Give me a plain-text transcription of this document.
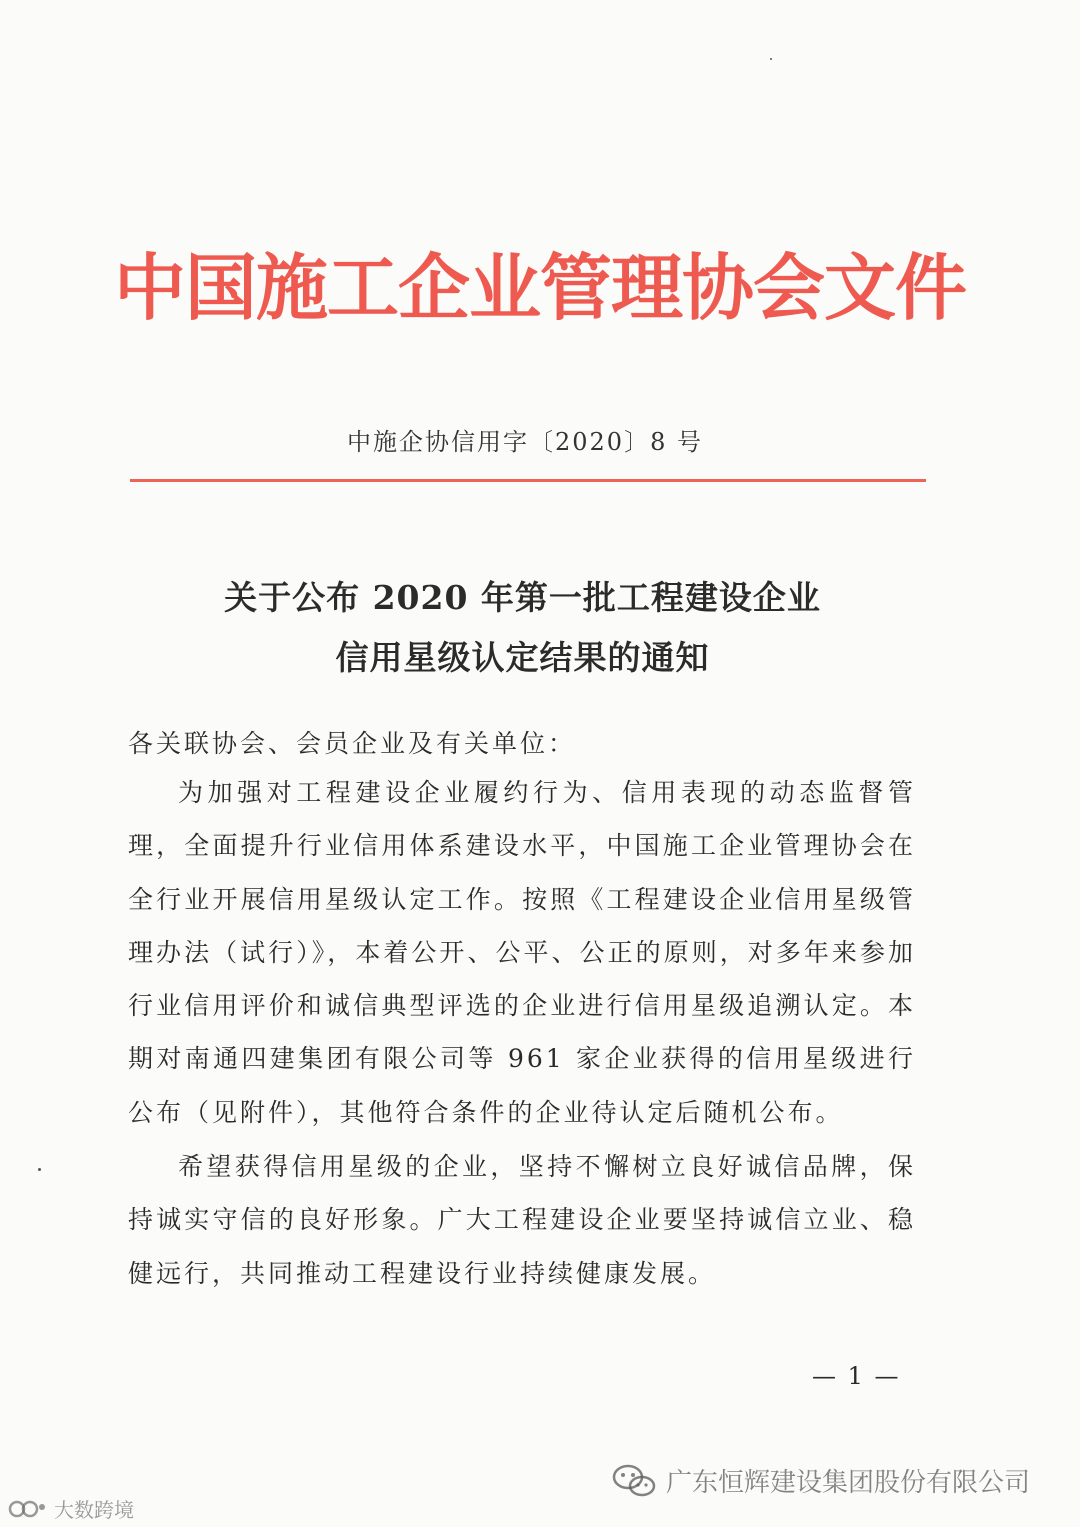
中国施工企业管理协会文件
中施企协信用字〔2020〕8 号
关于公布 2020 年第一批工程建设企业
信用星级认定结果的通知
各关联协会、会员企业及有关单位：

为加强对工程建设企业履约行为、信用表现的动态监督管理，全面提升行业信用体系建设水平，中国施工企业管理协会在全行业开展信用星级认定工作。按照《工程建设企业信用星级管理办法（试行）》，本着公开、公平、公正的原则，对多年来参加行业信用评价和诚信典型评选的企业进行信用星级追溯认定。本期对南通四建集团有限公司等 961 家企业获得的信用星级进行公布（见附件），其他符合条件的企业待认定后随机公布。

希望获得信用星级的企业，坚持不懈树立良好诚信品牌，保持诚实守信的良好形象。广大工程建设企业要坚持诚信立业、稳健远行，共同推动工程建设行业持续健康发展。

— 1 —
广东恒辉建设集团股份有限公司
大数跨境
